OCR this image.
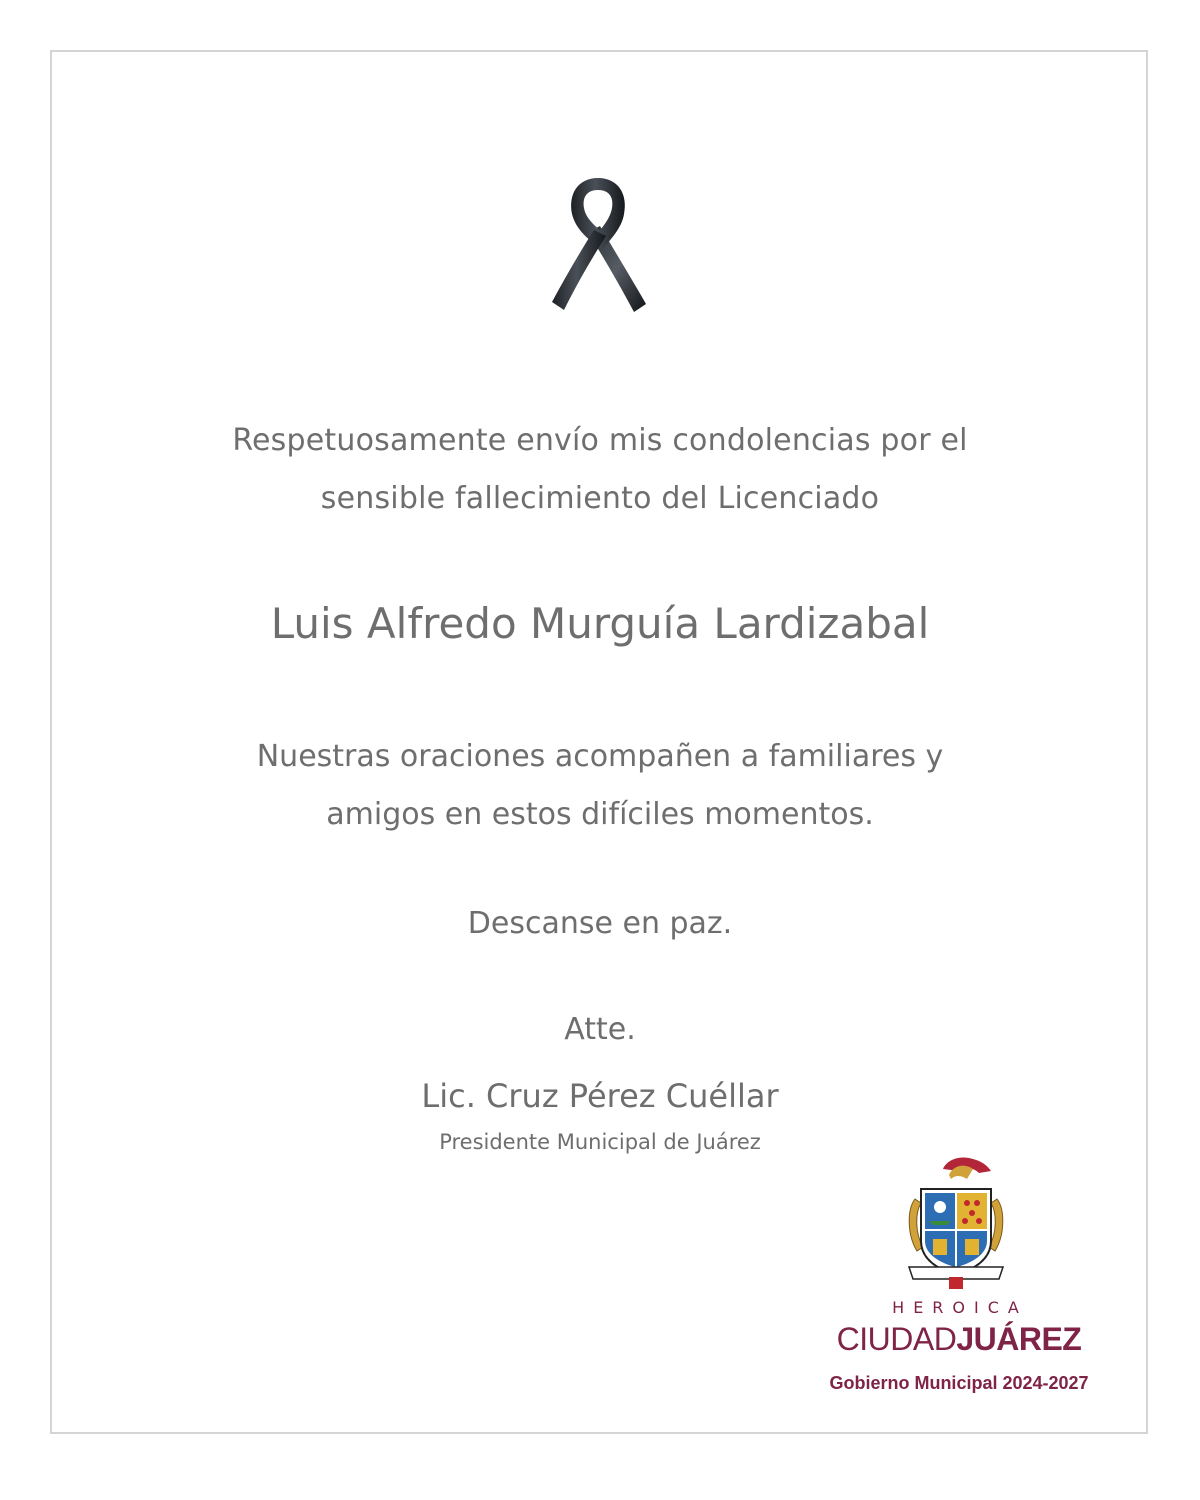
Respetuosamente envío mis condolencias por el
sensible fallecimiento del Licenciado
Luis Alfredo Murguía Lardizabal
Nuestras oraciones acompañen a familiares y
amigos en estos difíciles momentos.
Descanse en paz.
Atte.
Lic. Cruz Pérez Cuéllar
Presidente Municipal de Juárez
HEROICA
CIUDADJUÁREZ
Gobierno Municipal 2024-2027
